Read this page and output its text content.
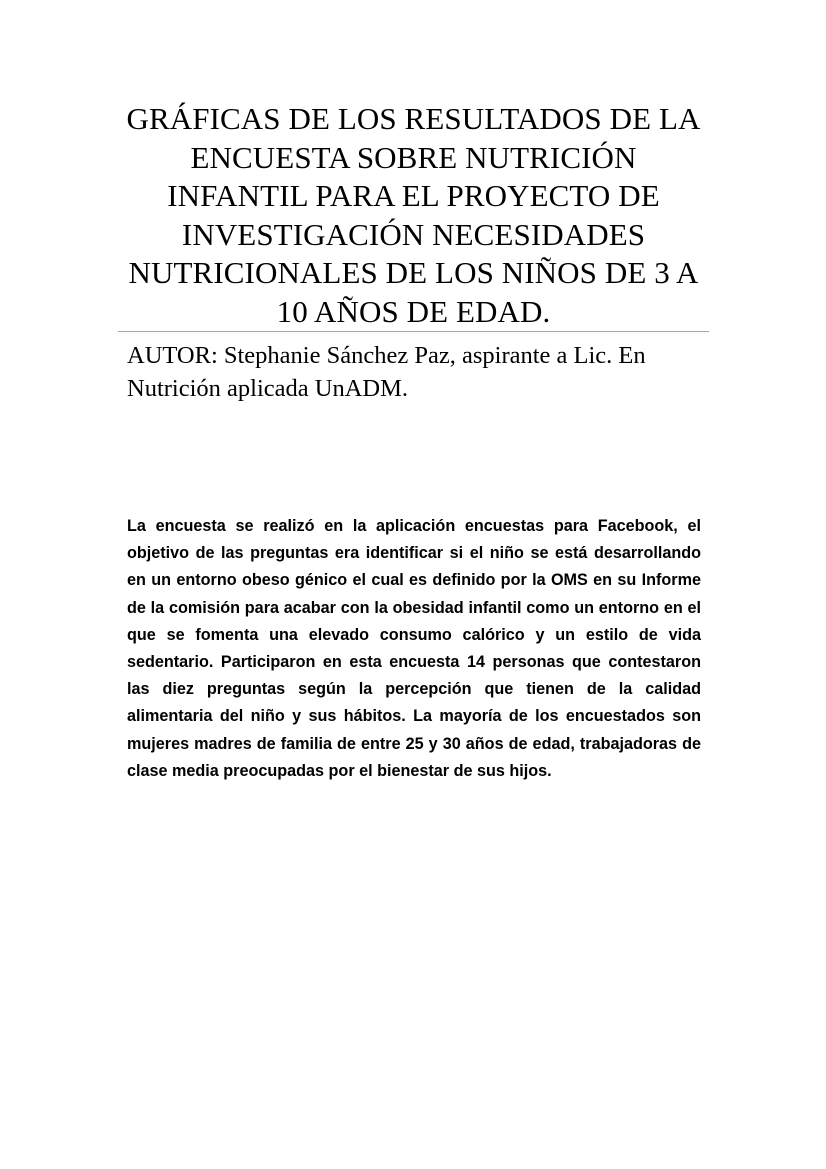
GRÁFICAS DE LOS RESULTADOS DE LA ENCUESTA SOBRE NUTRICIÓN INFANTIL PARA EL PROYECTO DE INVESTIGACIÓN NECESIDADES NUTRICIONALES DE LOS NIÑOS DE 3 A 10 AÑOS DE EDAD.
AUTOR: Stephanie Sánchez Paz, aspirante a Lic. En Nutrición aplicada UnADM.
La encuesta se realizó en la aplicación encuestas para Facebook, el objetivo de las preguntas era identificar si el niño se está desarrollando en un entorno obeso génico el cual es definido por la OMS en su Informe de la comisión para acabar con la obesidad infantil como un entorno en el que se fomenta una elevado consumo calórico y un estilo de vida sedentario. Participaron en esta encuesta 14 personas que contestaron las diez preguntas según la percepción que tienen de la calidad alimentaria del niño y sus hábitos. La mayoría de los encuestados son mujeres madres de familia de entre 25 y 30 años de edad, trabajadoras de clase media preocupadas por el bienestar de sus hijos.
